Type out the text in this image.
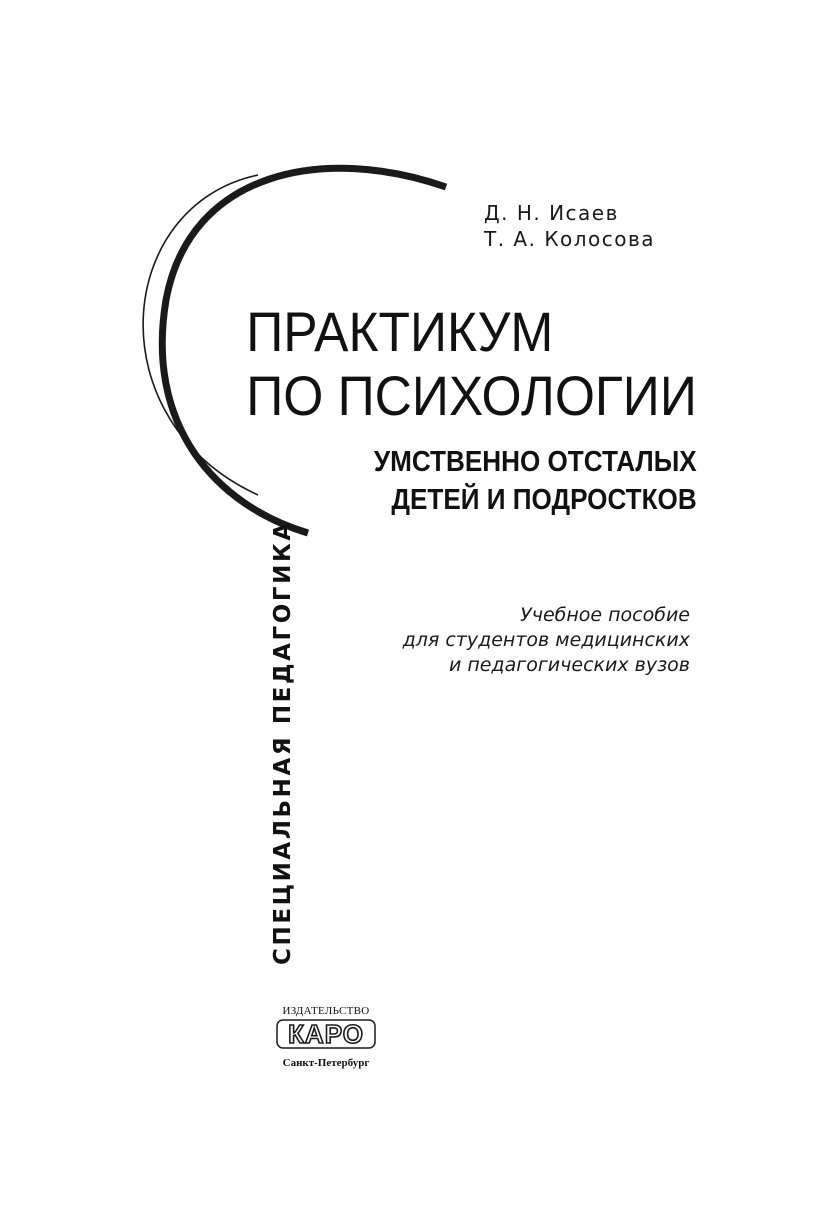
Д. Н. Исаев
Т. А. Колосова
ПРАКТИКУМ
ПО ПСИХОЛОГИИ
УМСТВЕННО ОТСТАЛЫХ
ДЕТЕЙ И ПОДРОСТКОВ
Учебное пособие
для студентов медицинских
и педагогических вузов
СПЕЦИАЛЬНАЯ ПЕДАГОГИКА
ИЗДАТЕЛЬСТВО
КАРО
Санкт-Петербург
